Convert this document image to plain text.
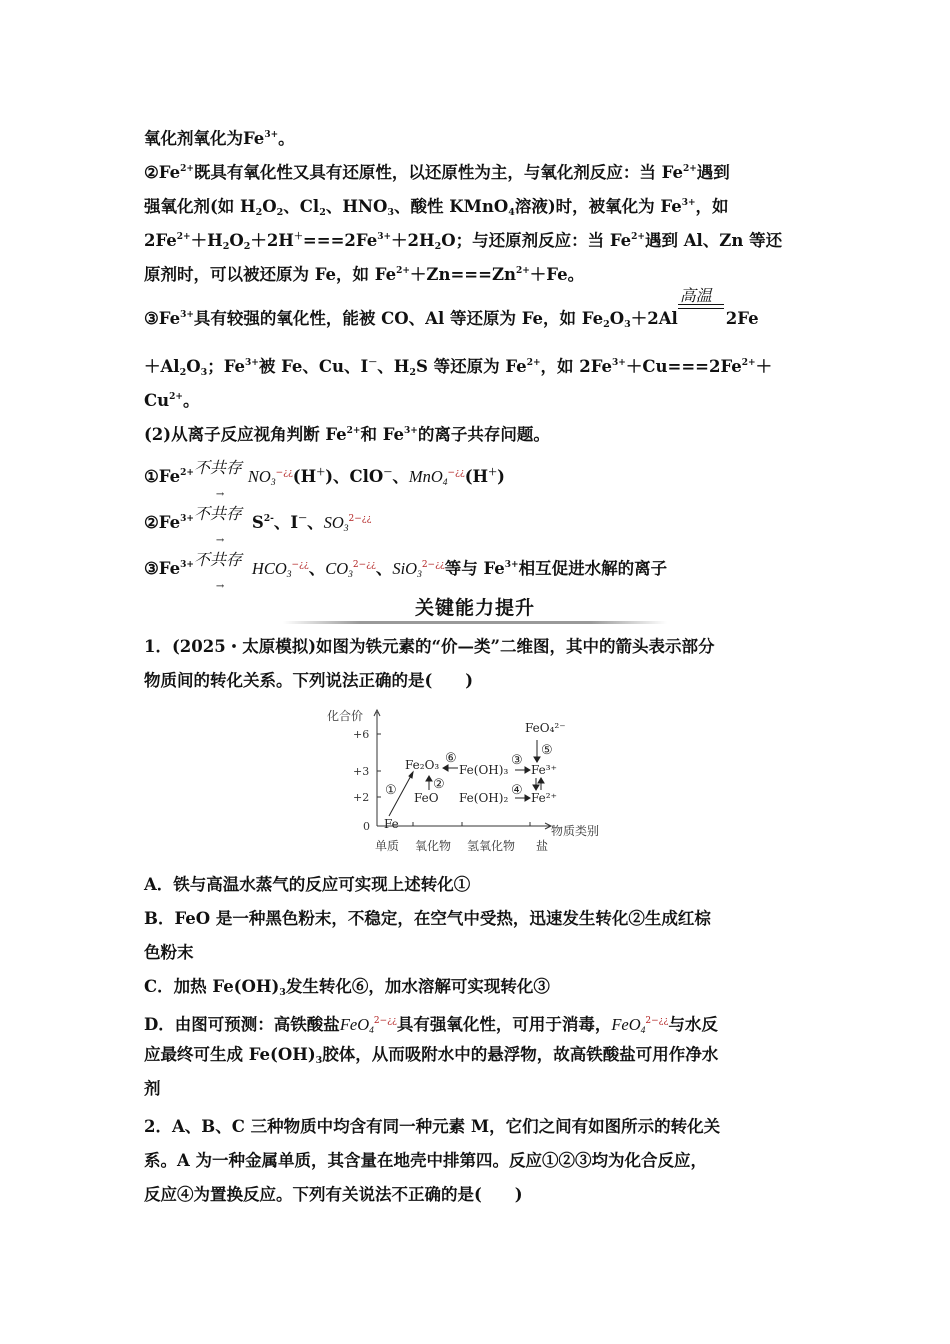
氧化剂氧化为$Fe^{3+}$。
$②Fe^{2+}$既具有氧化性又具有还原性，以还原性为主，与氧化剂反应：当 $Fe^{2+}$遇到
强氧化剂(如 $H_2O_2$、$Cl_2$、$HNO_3$、酸性 KMnO$_4$溶液)时，被氧化为 $Fe^{3+}$，如
$2Fe^{2+}+H_2O_2+2H^+===2Fe^{3+}+2H_2O$；与还原剂反应：当 $Fe^{2+}$遇到 Al、Zn 等还
原剂时，可以被还原为 Fe，如 $Fe^{2+}+Zn===Zn^{2+}+Fe$。
$③Fe^{3+}$具有较强的氧化性，能被 CO、Al 等还原为 Fe，如 $Fe_2O_3+2Al$
高温
2Fe
$+Al_2O_3$；$Fe^{3+}$被 Fe、Cu、I－、$H_2S$ 等还原为 $Fe^{2+}$，如 $2Fe^{3+}+Cu===2Fe^{2+}+$
$Cu^{2+}$。
(2)从离子反应视角判断 $Fe^{2+}$和 $Fe^{3+}$的离子共存问题。
$①Fe^{2+}$ 不共存
→
$NO_3^{-¿¿}(H^+)$、ClO－、MnO$_4$−¿¿(H＋)
$②Fe^{3+}$ 不共存
→
$S^{2-}$、I－、$SO_3^{2-¿¿}$
$③Fe^{3+}$ 不共存
→
$HCO_3^{-¿¿}$、$CO_3^{2-¿¿}$、SiO$_3^{2-¿¿}$等与 $Fe^{3+}$相互促进水解的离子
关键能力提升
1．(2025・太原模拟)如图为铁元素的“价—类”二维图，其中的箭头表示部分
物质间的转化关系。下列说法正确的是(　　)
化合价
+6
+3
+2
0	物质类别
单质 氧化物 氢氧化物 盐
Fe
Fe₂O₃
FeO
Fe(OH)₃
Fe(OH)₂
Fe³⁺
Fe²⁺
FeO₄²⁻
①	②
③
④
⑤
⑥
A．铁与高温水蒸气的反应可实现上述转化①
B．FeO 是一种黑色粉末，不稳定，在空气中受热，迅速发生转化②生成红棕
色粉末
C．加热 $Fe(OH)_3$发生转化⑥，加水溶解可实现转化③
D．由图可预测：高铁酸盐FeO$_4^{2-¿¿}$具有强氧化性，可用于消毒，FeO$_4^{2-¿¿}$与水反
应最终可生成 $Fe(OH)_3$胶体，从而吸附水中的悬浮物，故高铁酸盐可用作净水
剂
2．A、B、C 三种物质中均含有同一种元素 M，它们之间有如图所示的转化关
系。A 为一种金属单质，其含量在地壳中排第四。反应①②③均为化合反应，
反应④为置换反应。下列有关说法不正确的是(　　)
